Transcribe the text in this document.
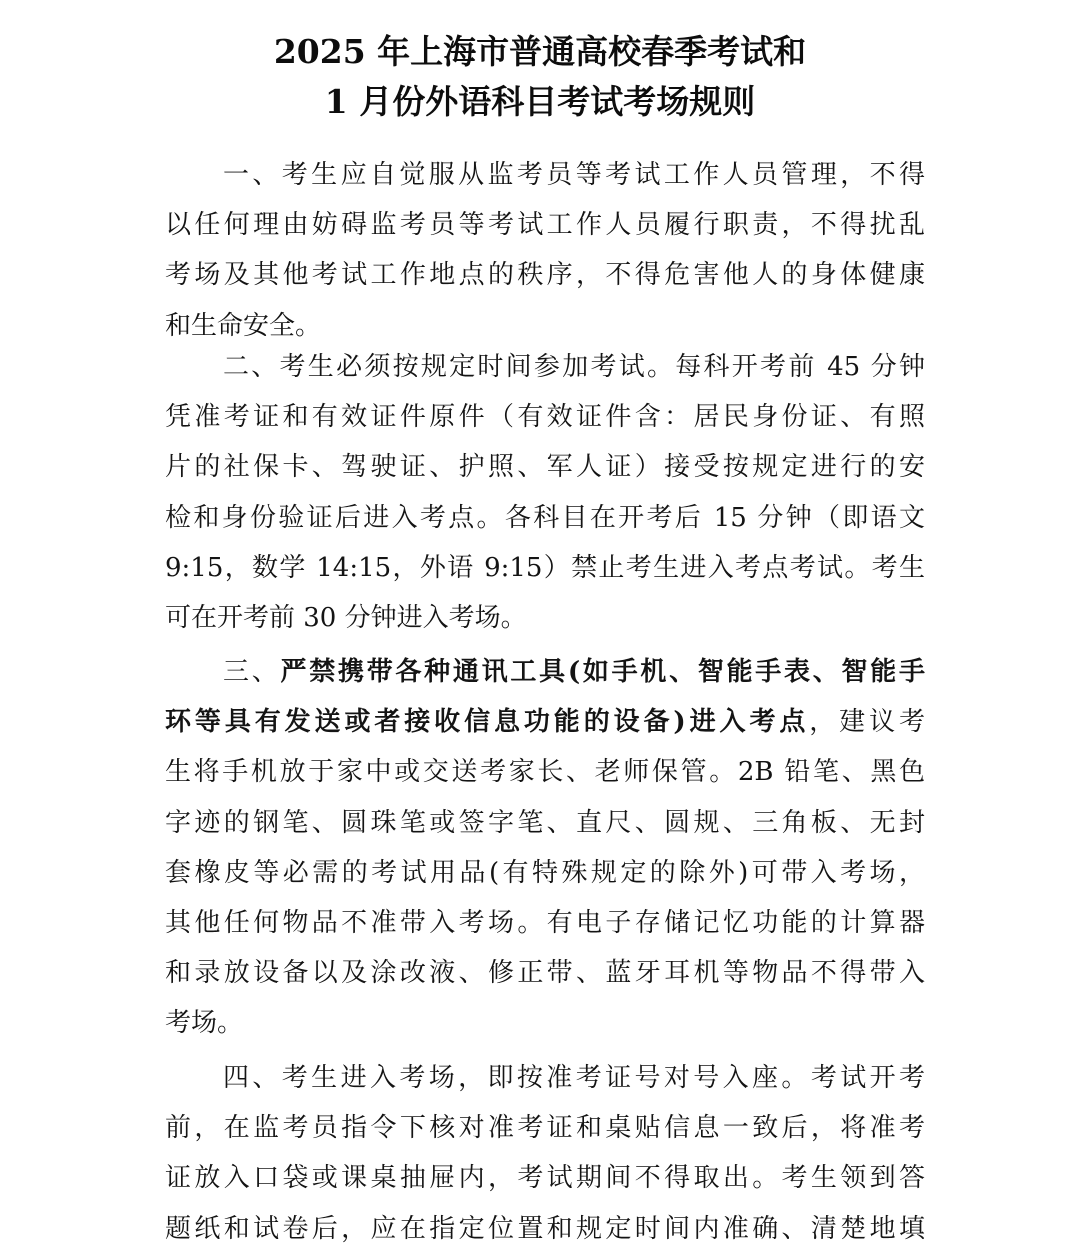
2025 年上海市普通高校春季考试和
1 月份外语科目考试考场规则
一、考生应自觉服从监考员等考试工作人员管理，不得
以任何理由妨碍监考员等考试工作人员履行职责，不得扰乱
考场及其他考试工作地点的秩序，不得危害他人的身体健康
和生命安全。
二、考生必须按规定时间参加考试。每科开考前 45 分钟
凭准考证和有效证件原件（有效证件含：居民身份证、有照
片的社保卡、驾驶证、护照、军人证）接受按规定进行的安
检和身份验证后进入考点。各科目在开考后 15 分钟（即语文
9:15，数学 14:15，外语 9:15）禁止考生进入考点考试。考生
可在开考前 30 分钟进入考场。
三、严禁携带各种通讯工具(如手机、智能手表、智能手
环等具有发送或者接收信息功能的设备)进入考点，建议考
生将手机放于家中或交送考家长、老师保管。2B 铅笔、黑色
字迹的钢笔、圆珠笔或签字笔、直尺、圆规、三角板、无封
套橡皮等必需的考试用品(有特殊规定的除外)可带入考场，
其他任何物品不准带入考场。有电子存储记忆功能的计算器
和录放设备以及涂改液、修正带、蓝牙耳机等物品不得带入
考场。
四、考生进入考场，即按准考证号对号入座。考试开考
前，在监考员指令下核对准考证和桌贴信息一致后，将准考
证放入口袋或课桌抽屉内，考试期间不得取出。考生领到答
题纸和试卷后，应在指定位置和规定时间内准确、清楚地填
